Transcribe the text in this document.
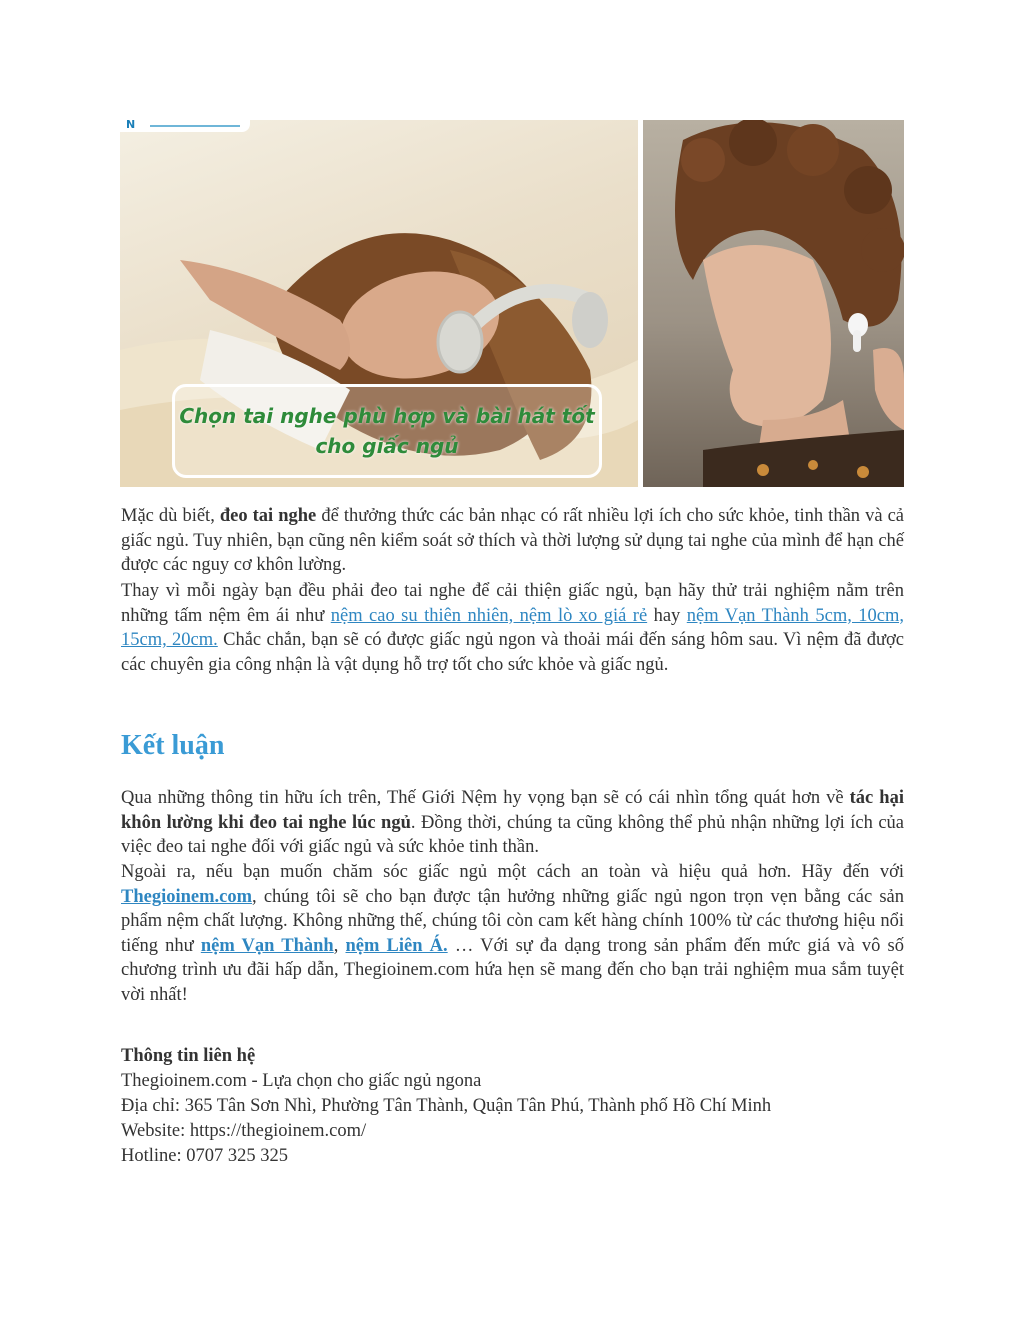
N
Chọn tai nghe phù hợp và bài hát tốt
cho giấc ngủ

Mặc dù biết, đeo tai nghe để thưởng thức các bản nhạc có rất nhiều lợi ích cho sức khỏe, tinh thần và cả giấc ngủ. Tuy nhiên, bạn cũng nên kiểm soát sở thích và thời lượng sử dụng tai nghe của mình để hạn chế được các nguy cơ khôn lường.

Thay vì mỗi ngày bạn đều phải đeo tai nghe để cải thiện giấc ngủ, bạn hãy thử trải nghiệm nằm trên những tấm nệm êm ái như nệm cao su thiên nhiên, nệm lò xo giá rẻ hay nệm Vạn Thành 5cm, 10cm, 15cm, 20cm. Chắc chắn, bạn sẽ có được giấc ngủ ngon và thoải mái đến sáng hôm sau. Vì nệm đã được các chuyên gia công nhận là vật dụng hỗ trợ tốt cho sức khỏe và giấc ngủ.

Kết luận

Qua những thông tin hữu ích trên, Thế Giới Nệm hy vọng bạn sẽ có cái nhìn tổng quát hơn về tác hại khôn lường khi đeo tai nghe lúc ngủ. Đồng thời, chúng ta cũng không thể phủ nhận những lợi ích của việc đeo tai nghe đối với giấc ngủ và sức khỏe tinh thần.

Ngoài ra, nếu bạn muốn chăm sóc giấc ngủ một cách an toàn và hiệu quả hơn. Hãy đến với Thegioinem.com, chúng tôi sẽ cho bạn được tận hưởng những giấc ngủ ngon trọn vẹn bằng các sản phẩm nệm chất lượng. Không những thế, chúng tôi còn cam kết hàng chính 100% từ các thương hiệu nổi tiếng như nệm Vạn Thành, nệm Liên Á. … Với sự đa dạng trong sản phẩm đến mức giá và vô số chương trình ưu đãi hấp dẫn, Thegioinem.com hứa hẹn sẽ mang đến cho bạn trải nghiệm mua sắm tuyệt vời nhất!

Thông tin liên hệ
Thegioinem.com - Lựa chọn cho giấc ngủ ngona
Địa chỉ: 365 Tân Sơn Nhì, Phường Tân Thành, Quận Tân Phú, Thành phố Hồ Chí Minh
Website: https://thegioinem.com/
Hotline: 0707 325 325
